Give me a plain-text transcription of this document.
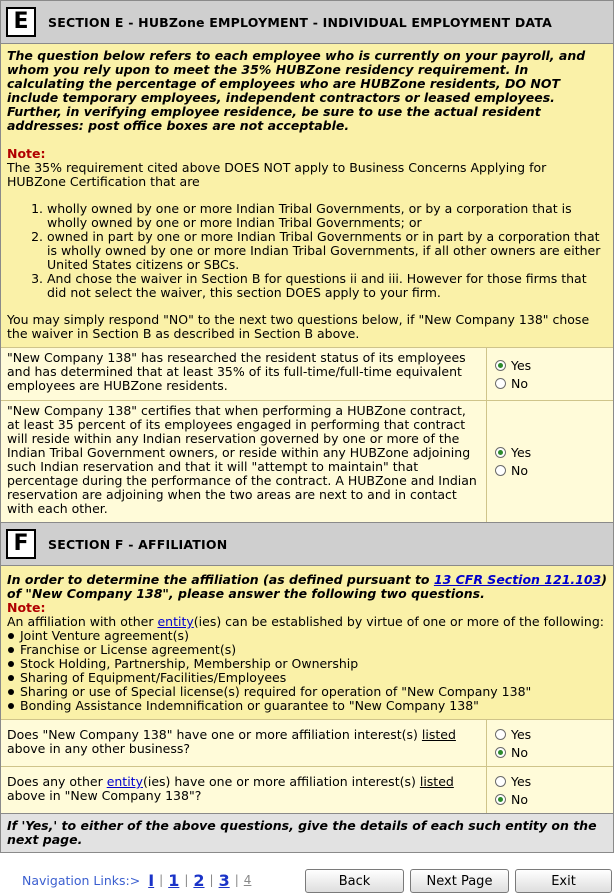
E	SECTION E - HUBZone EMPLOYMENT - INDIVIDUAL EMPLOYMENT DATA
The question below refers to each employee who is currently on your payroll, and whom you rely upon to meet the 35% HUBZone residency requirement. In calculating the percentage of employees who are HUBZone residents, DO NOT include temporary employees, independent contractors or leased employees. Further, in verifying employee residence, be sure to use the actual resident addresses: post office boxes are not acceptable.
Note:
The 35% requirement cited above DOES NOT apply to Business Concerns Applying for HUBZone Certification that are
1. wholly owned by one or more Indian Tribal Governments, or by a corporation that is wholly owned by one or more Indian Tribal Governments; or
2. owned in part by one or more Indian Tribal Governments or in part by a corporation that is wholly owned by one or more Indian Tribal Governments, if all other owners are either United States citizens or SBCs.
3. And chose the waiver in Section B for questions ii and iii. However for those firms that did not select the waiver, this section DOES apply to your firm.
You may simply respond "NO" to the next two questions below, if "New Company 138" chose the waiver in Section B as described in Section B above.
"New Company 138" has researched the resident status of its employees and has determined that at least 35% of its full-time/full-time equivalent employees are HUBZone residents.
Yes
No
"New Company 138" certifies that when performing a HUBZone contract, at least 35 percent of its employees engaged in performing that contract will reside within any Indian reservation governed by one or more of the Indian Tribal Government owners, or reside within any HUBZone adjoining such Indian reservation and that it will "attempt to maintain" that percentage during the performance of the contract. A HUBZone and Indian reservation are adjoining when the two areas are next to and in contact with each other.
Yes
No
F	SECTION F - AFFILIATION
In order to determine the affiliation (as defined pursuant to 13 CFR Section 121.103) of "New Company 138", please answer the following two questions.
Note:
An affiliation with other entity(ies) can be established by virtue of one or more of the following:
Joint Venture agreement(s)
Franchise or License agreement(s)
Stock Holding, Partnership, Membership or Ownership
Sharing of Equipment/Facilities/Employees
Sharing or use of Special license(s) required for operation of "New Company 138"
Bonding Assistance Indemnification or guarantee to "New Company 138"
Does "New Company 138" have one or more affiliation interest(s) listed above in any other business?
Yes
No
Does any other entity(ies) have one or more affiliation interest(s) listed above in "New Company 138"?
Yes
No
If 'Yes,' to either of the above questions, give the details of each such entity on the next page.
Navigation Links:> I | 1 | 2 | 3 | 4	Back	Next Page	Exit
